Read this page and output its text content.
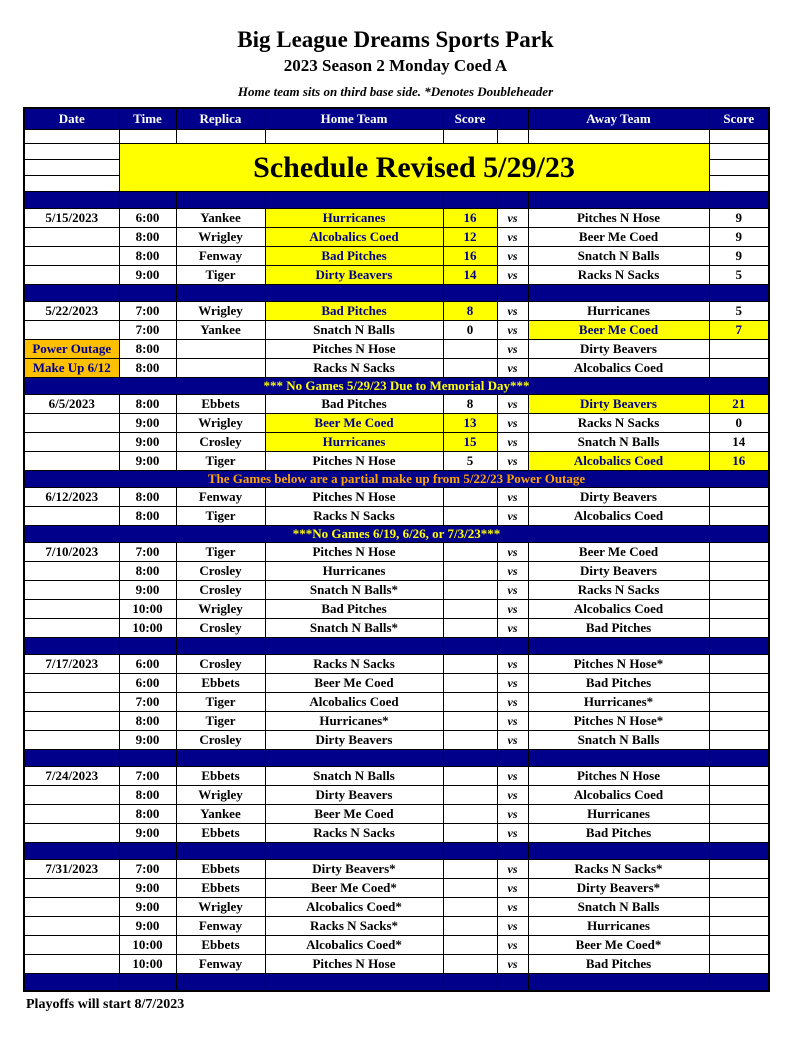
Big League Dreams Sports Park
2023 Season 2 Monday Coed A
Home team sits on third base side. *Denotes Doubleheader
Date	Time	Replica	Home Team	Score		Away Team	Score

	Schedule Revised 5/29/23						

5/15/2023	6:00	Yankee	Hurricanes	16	vs	Pitches N Hose	9
	8:00	Wrigley	Alcobalics Coed	12	vs	Beer Me Coed	9
	8:00	Fenway	Bad Pitches	16	vs	Snatch N Balls	9
	9:00	Tiger	Dirty Beavers	14	vs	Racks N Sacks	5

5/22/2023	7:00	Wrigley	Bad Pitches	8	vs	Hurricanes	5
	7:00	Yankee	Snatch N Balls	0	vs	Beer Me Coed	7
Power Outage	8:00		Pitches N Hose		vs	Dirty Beavers	
Make Up 6/12	8:00		Racks N Sacks		vs	Alcobalics Coed	
*** No Games 5/29/23 Due to Memorial Day***							
6/5/2023	8:00	Ebbets	Bad Pitches	8	vs	Dirty Beavers	21
	9:00	Wrigley	Beer Me Coed	13	vs	Racks N Sacks	0
	9:00	Crosley	Hurricanes	15	vs	Snatch N Balls	14
	9:00	Tiger	Pitches N Hose	5	vs	Alcobalics Coed	16
The Games below are a partial make up from 5/22/23 Power Outage							
6/12/2023	8:00	Fenway	Pitches N Hose		vs	Dirty Beavers	
	8:00	Tiger	Racks N Sacks		vs	Alcobalics Coed	
***No Games 6/19, 6/26, or 7/3/23***							
7/10/2023	7:00	Tiger	Pitches N Hose		vs	Beer Me Coed	
	8:00	Crosley	Hurricanes		vs	Dirty Beavers	
	9:00	Crosley	Snatch N Balls*		vs	Racks N Sacks	
	10:00	Wrigley	Bad Pitches		vs	Alcobalics Coed	
	10:00	Crosley	Snatch N Balls*		vs	Bad Pitches	

7/17/2023	6:00	Crosley	Racks N Sacks		vs	Pitches N Hose*	
	6:00	Ebbets	Beer Me Coed		vs	Bad Pitches	
	7:00	Tiger	Alcobalics Coed		vs	Hurricanes*	
	8:00	Tiger	Hurricanes*		vs	Pitches N Hose*	
	9:00	Crosley	Dirty Beavers		vs	Snatch N Balls	

7/24/2023	7:00	Ebbets	Snatch N Balls		vs	Pitches N Hose	
	8:00	Wrigley	Dirty Beavers		vs	Alcobalics Coed	
	8:00	Yankee	Beer Me Coed		vs	Hurricanes	
	9:00	Ebbets	Racks N Sacks		vs	Bad Pitches	

7/31/2023	7:00	Ebbets	Dirty Beavers*		vs	Racks N Sacks*	
	9:00	Ebbets	Beer Me Coed*		vs	Dirty Beavers*	
	9:00	Wrigley	Alcobalics Coed*		vs	Snatch N Balls	
	9:00	Fenway	Racks N Sacks*		vs	Hurricanes	
	10:00	Ebbets	Alcobalics Coed*		vs	Beer Me Coed*	
	10:00	Fenway	Pitches N Hose		vs	Bad Pitches	

Playoffs will start 8/7/2023
